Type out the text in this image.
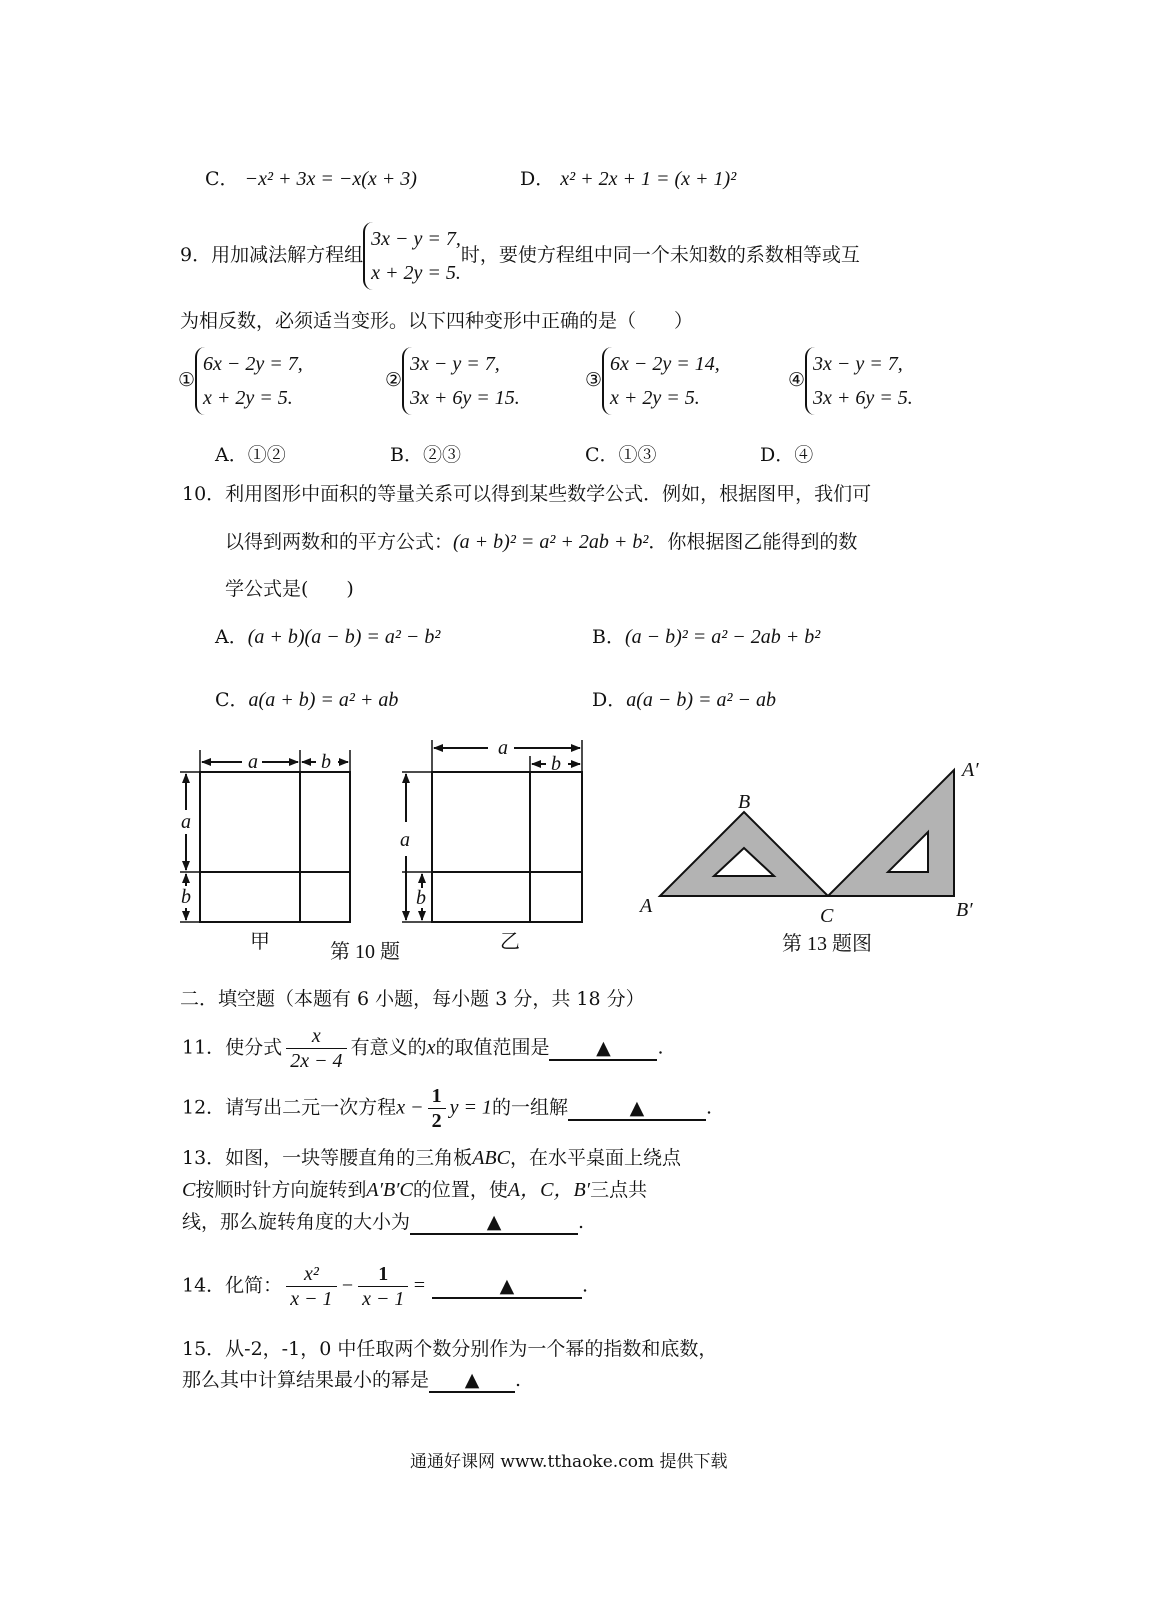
C． −x² + 3x = −x(x + 3)	D． x² + 2x + 1 = (x + 1)²
9．用加减法解方程组
3x − y = 7,
x + 2y = 5.
时，要使方程组中同一个未知数的系数相等或互
为相反数，必须适当变形。以下四种变形中正确的是（　　）
①
6x − 2y = 7,
x + 2y = 5.
②
3x − y = 7,
3x + 6y = 15.
③
6x − 2y = 14,
x + 2y = 5.
④
3x − y = 7,
3x + 6y = 5.
A．①②	B．②③	C．①③	D．④
10．利用图形中面积的等量关系可以得到某些数学公式．例如，根据图甲，我们可
以得到两数和的平方公式：(a + b)² = a² + 2ab + b²．你根据图乙能得到的数
学公式是(　　)
A．(a + b)(a − b) = a² − b²	B．(a − b)² = a² − 2ab + b²
C．a(a + b) = a² + ab	D．a(a − b) = a² − ab
a	b
a
b
甲	第 10 题
a
b
a
b
乙
A
B
C
A′
B′
第 13 题图
二．填空题（本题有 6 小题，每小题 3 分，共 18 分）
11．使分式 $\frac{x}{2x - 4}$ 有意义的x的取值范围是 ▲ .
12．请写出二元一次方程$x - \frac{1}{2}$ y = 1的一组解	▲	.
13．如图，一块等腰直角的三角板ABC，在水平桌面上绕点
C按顺时针方向旋转到A′B′C的位置，使A，C，B′三点共
线，那么旋转角度的大小为	▲	.
14．化简： $\frac{\text{x²}}{x - 1} - \frac{1}{x - 1}$ =	▲	.
15．从-2，-1，0 中任取两个数分别作为一个幂的指数和底数，
那么其中计算结果最小的幂是 ▲ .
通通好课网 www.tthaoke.com 提供下载
